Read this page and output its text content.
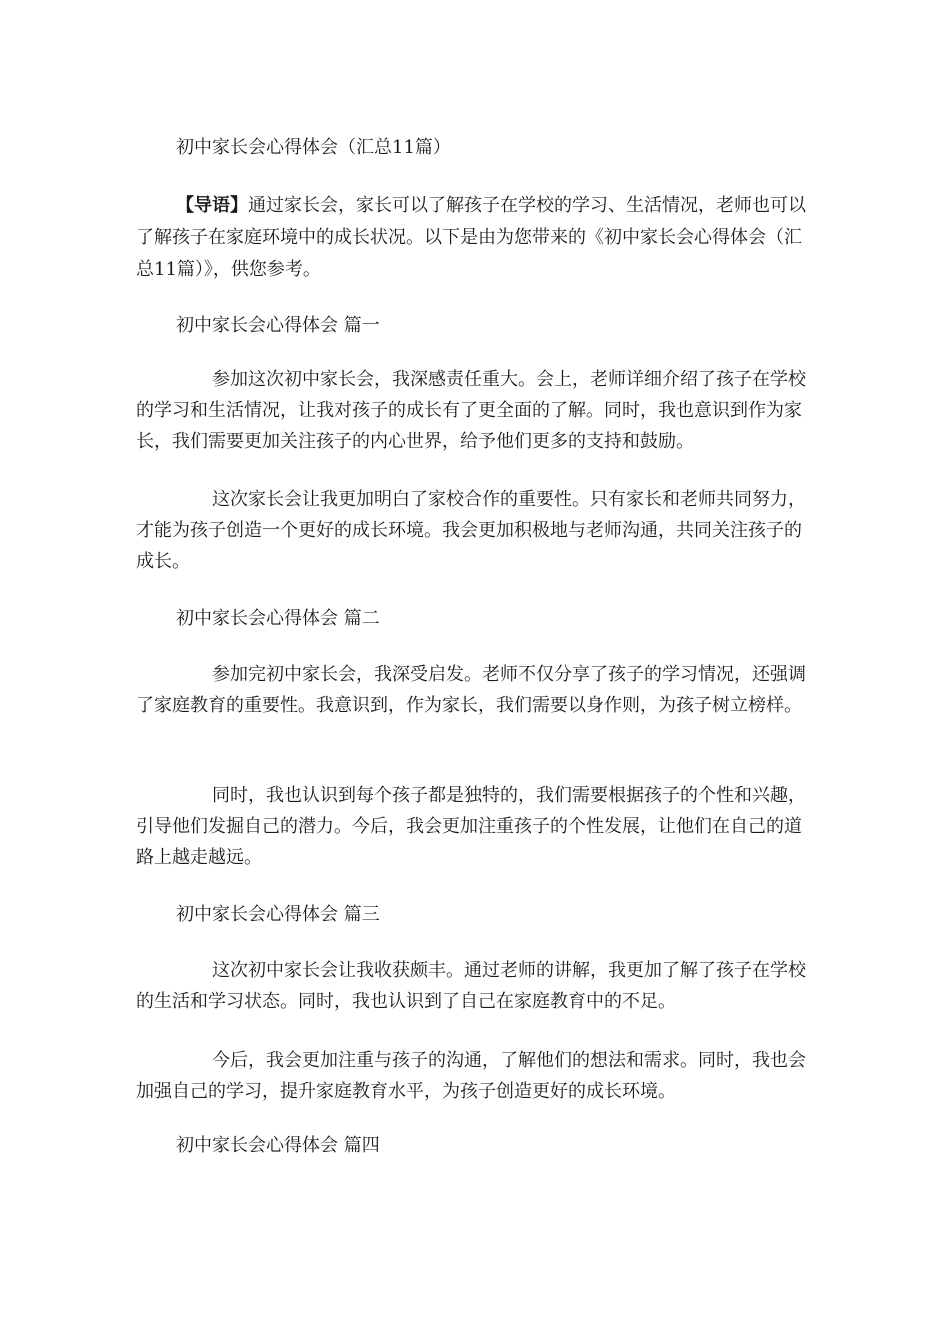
初中家长会心得体会（汇总11篇）
【导语】通过家长会，家长可以了解孩子在学校的学习、生活情况，老师也可以了解孩子在家庭环境中的成长状况。以下是由为您带来的《初中家长会心得体会（汇总11篇）》，供您参考。
初中家长会心得体会 篇一
参加这次初中家长会，我深感责任重大。会上，老师详细介绍了孩子在学校的学习和生活情况，让我对孩子的成长有了更全面的了解。同时，我也意识到作为家长，我们需要更加关注孩子的内心世界，给予他们更多的支持和鼓励。
这次家长会让我更加明白了家校合作的重要性。只有家长和老师共同努力，才能为孩子创造一个更好的成长环境。我会更加积极地与老师沟通，共同关注孩子的成长。
初中家长会心得体会 篇二
参加完初中家长会，我深受启发。老师不仅分享了孩子的学习情况，还强调了家庭教育的重要性。我意识到，作为家长，我们需要以身作则，为孩子树立榜样。
同时，我也认识到每个孩子都是独特的，我们需要根据孩子的个性和兴趣，引导他们发掘自己的潜力。今后，我会更加注重孩子的个性发展，让他们在自己的道路上越走越远。
初中家长会心得体会 篇三
这次初中家长会让我收获颇丰。通过老师的讲解，我更加了解了孩子在学校的生活和学习状态。同时，我也认识到了自己在家庭教育中的不足。
今后，我会更加注重与孩子的沟通，了解他们的想法和需求。同时，我也会加强自己的学习，提升家庭教育水平，为孩子创造更好的成长环境。
初中家长会心得体会 篇四
